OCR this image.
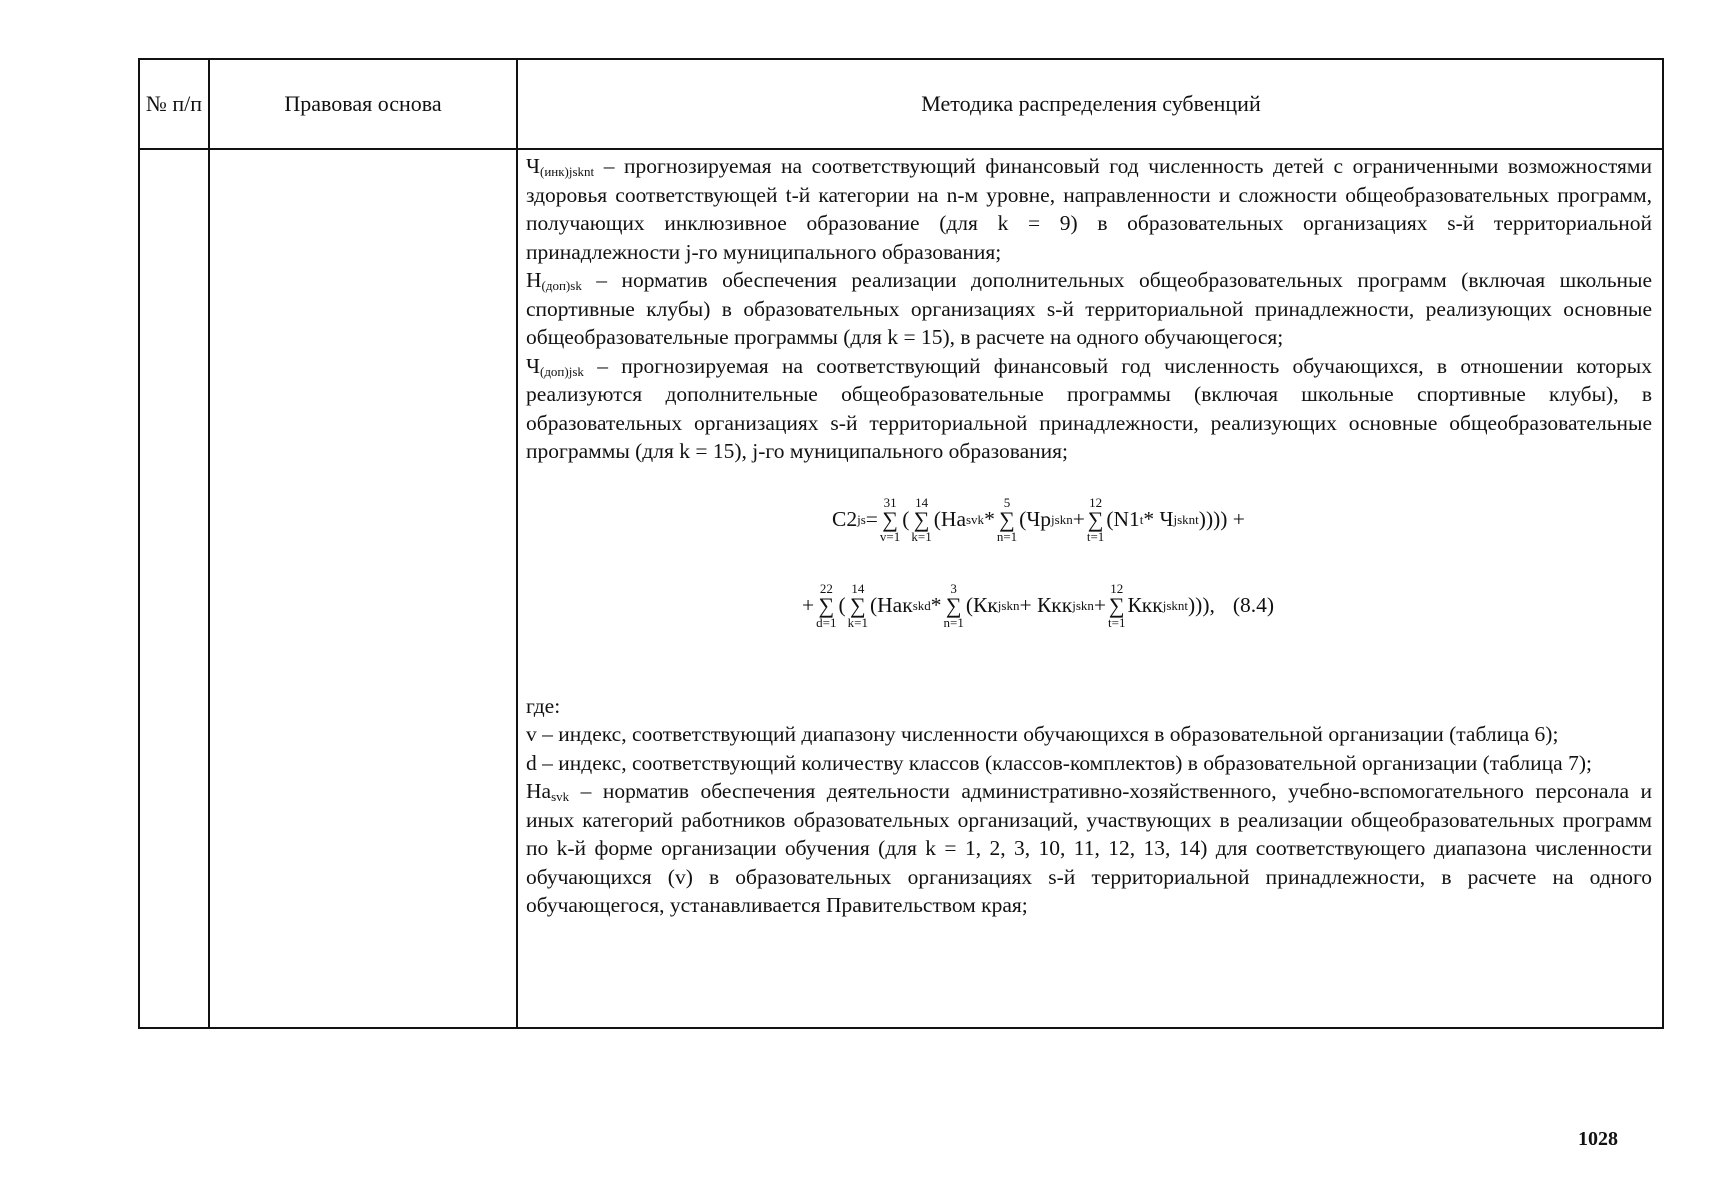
№ п/п	Правовая основа	Методика распределения субвенций

$Ч_{(инк)jsknt}$ – прогнозируемая на соответствующий финансовый год численность детей с ограниченными возможностями здоровья соответствующей t-й категории на n-м уровне, направленности и сложности общеобразовательных программ, получающих инклюзивное образование (для k = 9) в образовательных организациях s-й территориальной принадлежности j-го муниципального образования;

$Н_{(доп)sk}$ – норматив обеспечения реализации дополнительных общеобразовательных программ (включая школьные спортивные клубы) в образовательных организациях s-й территориальной принадлежности, реализующих основные общеобразовательные программы (для k = 15), в расчете на одного обучающегося;

$Ч_{(доп)jsk}$ – прогнозируемая на соответствующий финансовый год численность обучающихся, в отношении которых реализуются дополнительные общеобразовательные программы (включая школьные спортивные клубы), в образовательных организациях s-й территориальной принадлежности, реализующих основные общеобразовательные программы (для k = 15), j-го муниципального образования;

С2 js =
31
∑
v=1
(
14
∑
k=1
(На svk *
5
∑
n=1
(Чр jskn +
12
∑
t=1
(N1 t * Ч jsknt )))) +
+
22
∑
d=1
(
14
∑
k=1
(Нак skd *
3
∑
n=1
(Кк jskn + Ккк jskn +
12
∑
t=1
Ккк jsknt ))), (8.4)

где:

v – индекс, соответствующий диапазону численности обучающихся в образовательной организации (таблица 6);

d – индекс, соответствующий количеству классов (классов-комплектов) в образовательной организации (таблица 7);

$На_{svk}$ – норматив обеспечения деятельности административно-хозяйственного, учебно-вспомогательного персонала и иных категорий работников образовательных организаций, участвующих в реализации общеобразовательных программ по k-й форме организации обучения (для k = 1, 2, 3, 10, 11, 12, 13, 14) для соответствующего диапазона численности обучающихся (v) в образовательных организациях s-й территориальной принадлежности, в расчете на одного обучающегося, устанавливается Правительством края;

1028
